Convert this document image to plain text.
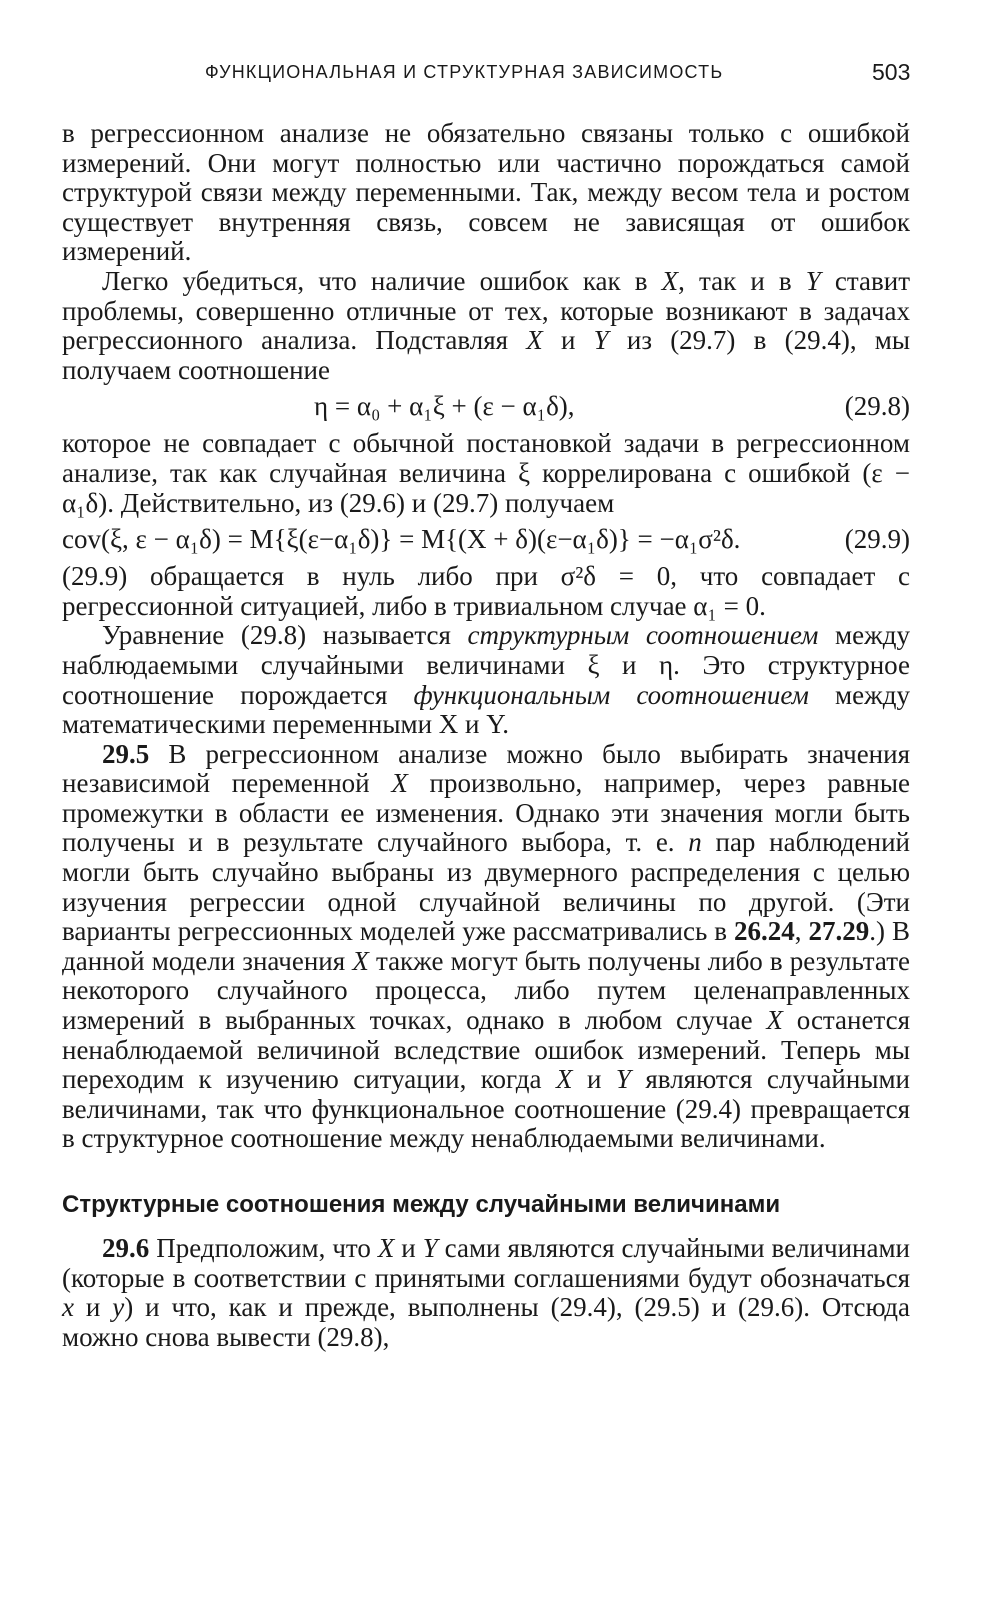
ФУНКЦИОНАЛЬНАЯ И СТРУКТУРНАЯ ЗАВИСИМОСТЬ	503

в регрессионном анализе не обязательно связаны только с ошибкой измерений. Они могут полностью или частично порождаться самой структурой связи между переменными. Так, между весом тела и ростом существует внутренняя связь, совсем не зависящая от ошибок измерений.

Легко убедиться, что наличие ошибок как в X, так и в Y ставит проблемы, совершенно отличные от тех, которые возникают в задачах регрессионного анализа. Подставляя X и Y из (29.7) в (29.4), мы получаем соотношение

η = α₀ + α₁ξ + (ε − α₁δ),	(29.8)

которое не совпадает с обычной постановкой задачи в регрессионном анализе, так как случайная величина ξ коррелирована с ошибкой (ε − α₁δ). Действительно, из (29.6) и (29.7) получаем

cov(ξ, ε − α₁δ) = M{ξ(ε−α₁δ)} = M{(X + δ)(ε−α₁δ)} = −α₁σ²δ.	(29.9)

(29.9) обращается в нуль либо при σ²δ = 0, что совпадает с регрессионной ситуацией, либо в тривиальном случае α₁ = 0.

Уравнение (29.8) называется структурным соотношением между наблюдаемыми случайными величинами ξ и η. Это структурное соотношение порождается функциональным соотношением между математическими переменными X и Y.

29.5 В регрессионном анализе можно было выбирать значения независимой переменной X произвольно, например, через равные промежутки в области ее изменения. Однако эти значения могли быть получены и в результате случайного выбора, т. е. n пар наблюдений могли быть случайно выбраны из двумерного распределения с целью изучения регрессии одной случайной величины по другой. (Эти варианты регрессионных моделей уже рассматривались в 26.24, 27.29.) В данной модели значения X также могут быть получены либо в результате некоторого случайного процесса, либо путем целенаправленных измерений в выбранных точках, однако в любом случае X останется ненаблюдаемой величиной вследствие ошибок измерений. Теперь мы переходим к изучению ситуации, когда X и Y являются случайными величинами, так что функциональное соотношение (29.4) превращается в структурное соотношение между ненаблюдаемыми величинами.

Структурные соотношения между случайными величинами

29.6 Предположим, что X и Y сами являются случайными величинами (которые в соответствии с принятыми соглашениями будут обозначаться x и y) и что, как и прежде, выполнены (29.4), (29.5) и (29.6). Отсюда можно снова вывести (29.8),
